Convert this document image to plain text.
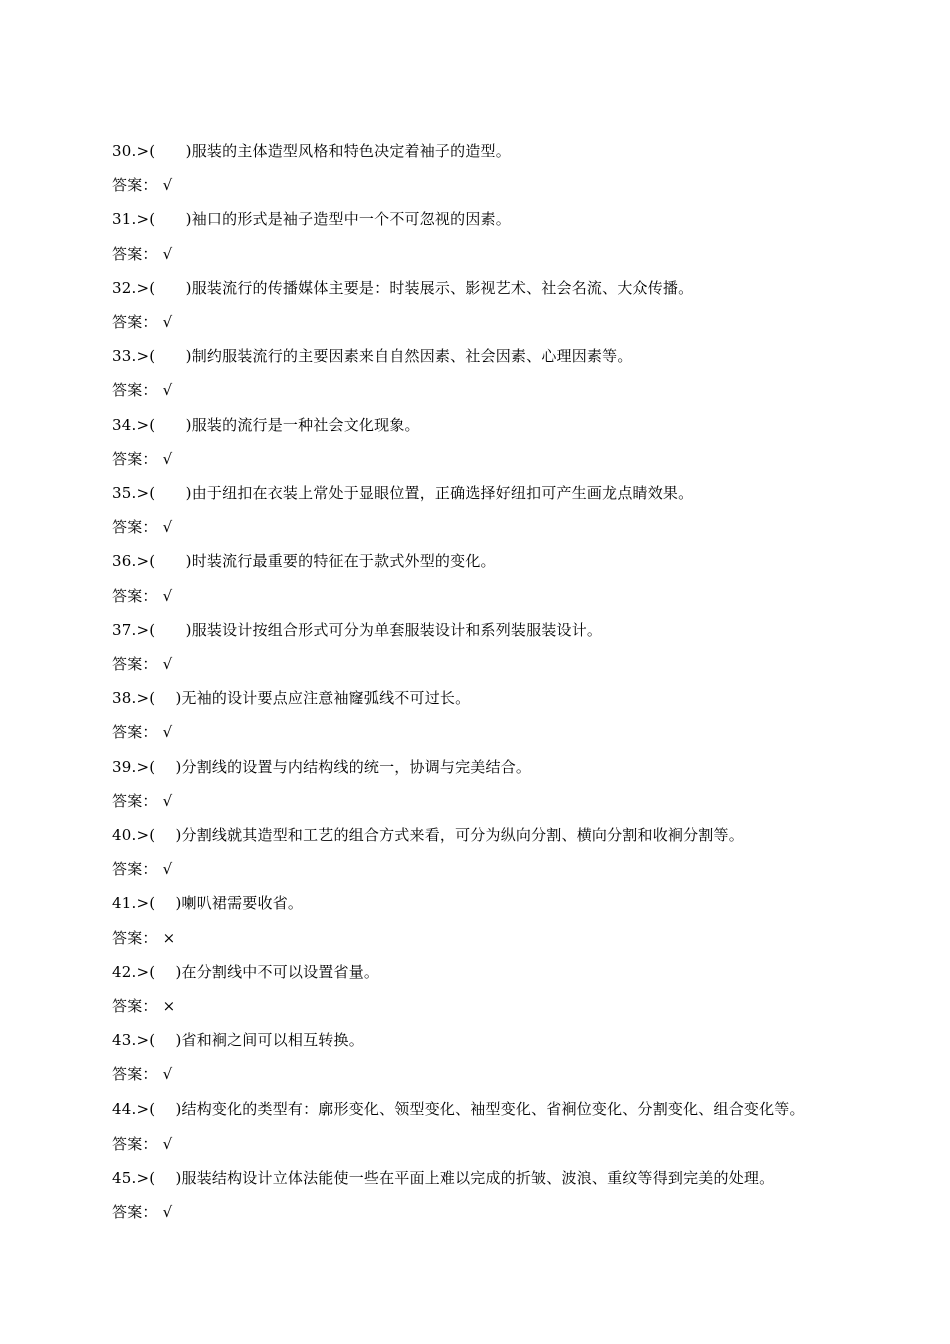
30.>(　　)服装的主体造型风格和特色决定着袖子的造型。
答案： √
31.>(　　)袖口的形式是袖子造型中一个不可忽视的因素。
答案： √
32.>(　　)服装流行的传播媒体主要是：时装展示、影视艺术、社会名流、大众传播。
答案： √
33.>(　　)制约服装流行的主要因素来自自然因素、社会因素、心理因素等。
答案： √
34.>(　　)服装的流行是一种社会文化现象。
答案： √
35.>(　　)由于纽扣在衣装上常处于显眼位置，正确选择好纽扣可产生画龙点睛效果。
答案： √
36.>(　　)时装流行最重要的特征在于款式外型的变化。
答案： √
37.>(　　)服装设计按组合形式可分为单套服装设计和系列装服装设计。
答案： √
38.>(　 )无袖的设计要点应注意袖窿弧线不可过长。
答案： √
39.>(　 )分割线的设置与内结构线的统一，协调与完美结合。
答案： √
40.>(　 )分割线就其造型和工艺的组合方式来看，可分为纵向分割、横向分割和收裥分割等。
答案： √
41.>(　 )喇叭裙需要收省。
答案： ×
42.>(　 )在分割线中不可以设置省量。
答案： ×
43.>(　 )省和裥之间可以相互转换。
答案： √
44.>(　 )结构变化的类型有：廓形变化、领型变化、袖型变化、省裥位变化、分割变化、组合变化等。
答案： √
45.>(　 )服装结构设计立体法能使一些在平面上难以完成的折皱、波浪、重纹等得到完美的处理。
答案： √
